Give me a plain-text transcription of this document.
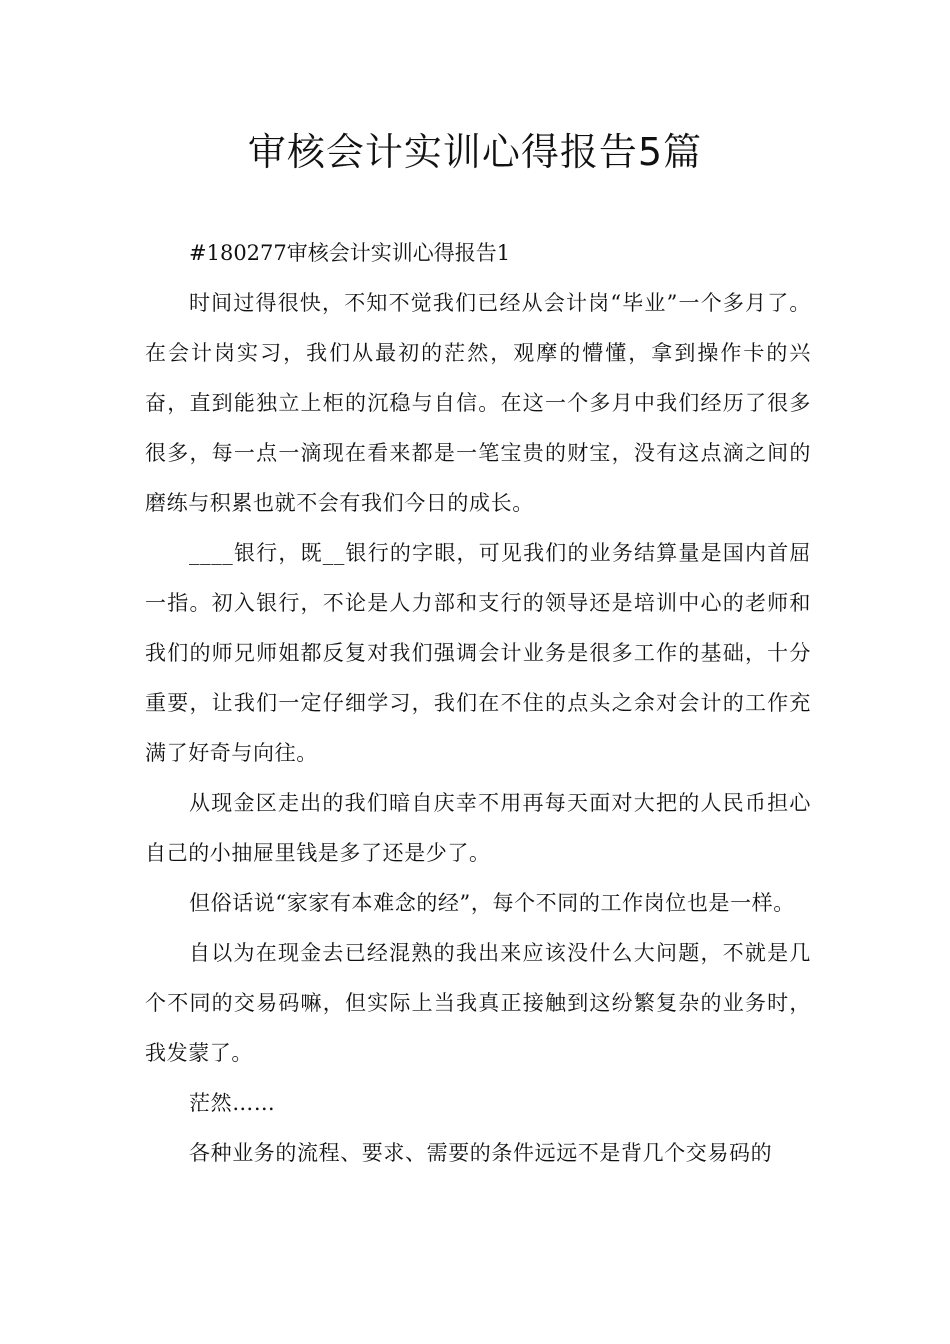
审核会计实训心得报告5篇

#180277审核会计实训心得报告1

时间过得很快，不知不觉我们已经从会计岗“毕业”一个多月了。在会计岗实习，我们从最初的茫然，观摩的懵懂，拿到操作卡的兴奋，直到能独立上柜的沉稳与自信。在这一个多月中我们经历了很多很多，每一点一滴现在看来都是一笔宝贵的财宝，没有这点滴之间的磨练与积累也就不会有我们今日的成长。

____银行，既__银行的字眼，可见我们的业务结算量是国内首屈一指。初入银行，不论是人力部和支行的领导还是培训中心的老师和我们的师兄师姐都反复对我们强调会计业务是很多工作的基础，十分重要，让我们一定仔细学习，我们在不住的点头之余对会计的工作充满了好奇与向往。

从现金区走出的我们暗自庆幸不用再每天面对大把的人民币担心自己的小抽屉里钱是多了还是少了。

但俗话说“家家有本难念的经”，每个不同的工作岗位也是一样。

自以为在现金去已经混熟的我出来应该没什么大问题，不就是几个不同的交易码嘛，但实际上当我真正接触到这纷繁复杂的业务时，我发蒙了。

茫然……

各种业务的流程、要求、需要的条件远远不是背几个交易码的
